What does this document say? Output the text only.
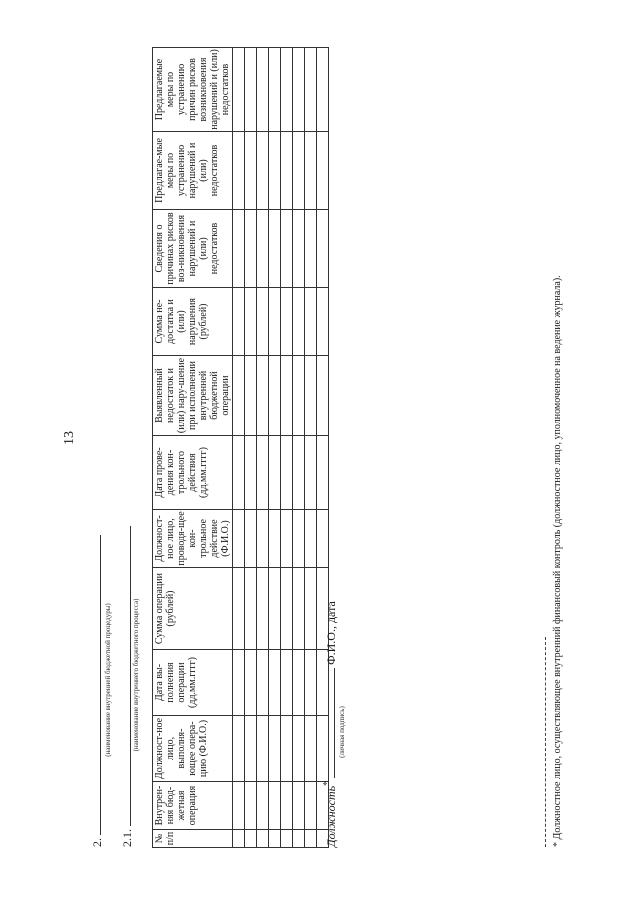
13
2.
(наименование внутренней бюджетной процедуры)
2.1.
(наименование внутреннего бюджетного процесса)
№ п/п	Внутрен-няя бюд-жетная операция	Должност-ное лицо, выполня-ющее опера-цию (Ф.И.О.)	Дата вы-полнения операции (дд.мм.гггг)	Сумма операции (рублей)	Должност-ное лицо, проводя-щее кон-трольное действие (Ф.И.О.)	Дата прове-дения кон-трольного действия (дд.мм.гггг)	Выявленный недостаток и (или) нару-шение при исполнении внутренней бюджетной операции	Сумма не-достатка и (или) нарушения (рублей)	Сведения о причинах рисков воз-никновения нарушений и (или) недостатков	Предлагае-мые меры по устранению нарушений и (или) недостатков	Предлагаемые меры по устранению причин рисков возникновения нарушений и (или) недостатков

Должность*  Ф.И.О., дата
(личная подпись)	* Должностное лицо, осуществляющее внутренний финансовый контроль (должностное лицо, уполномоченное на ведение журнала).
